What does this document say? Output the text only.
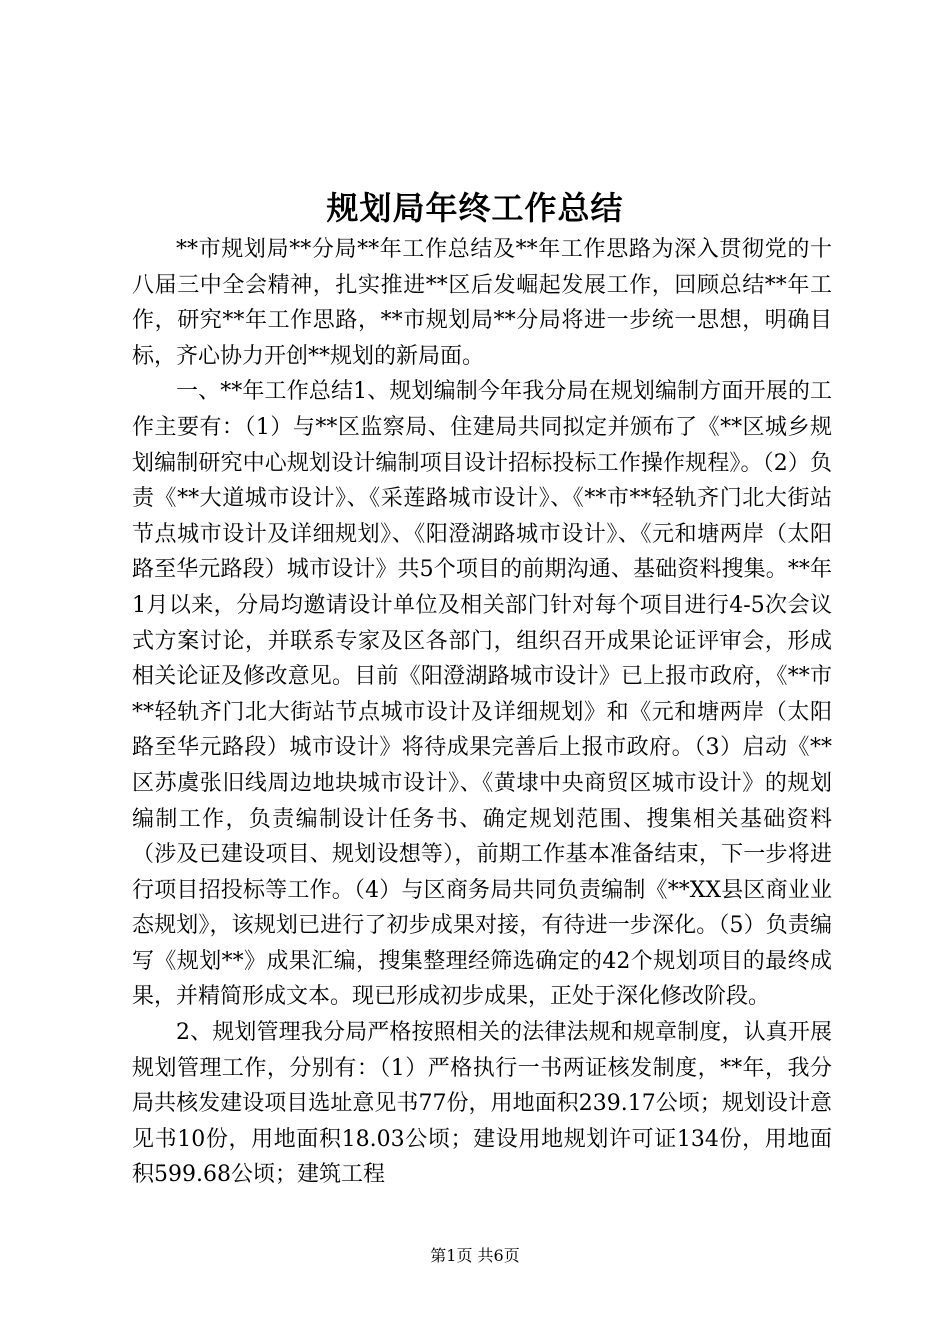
规划局年终工作总结

**市规划局**分局**年工作总结及**年工作思路为深入贯彻党的十八届三中全会精神，扎实推进**区后发崛起发展工作，回顾总结**年工作，研究**年工作思路，**市规划局**分局将进一步统一思想，明确目标，齐心协力开创**规划的新局面。

一、**年工作总结1、规划编制今年我分局在规划编制方面开展的工作主要有：（1）与**区监察局、住建局共同拟定并颁布了《**区城乡规划编制研究中心规划设计编制项目设计招标投标工作操作规程》。（2）负责《**大道城市设计》、《采莲路城市设计》、《**市**轻轨齐门北大街站节点城市设计及详细规划》、《阳澄湖路城市设计》、《元和塘两岸（太阳路至华元路段）城市设计》共5个项目的前期沟通、基础资料搜集。**年1月以来，分局均邀请设计单位及相关部门针对每个项目进行4-5次会议式方案讨论，并联系专家及区各部门，组织召开成果论证评审会，形成相关论证及修改意见。目前《阳澄湖路城市设计》已上报市政府，《**市**轻轨齐门北大街站节点城市设计及详细规划》和《元和塘两岸（太阳路至华元路段）城市设计》将待成果完善后上报市政府。（3）启动《**区苏虞张旧线周边地块城市设计》、《黄埭中央商贸区城市设计》的规划编制工作，负责编制设计任务书、确定规划范围、搜集相关基础资料（涉及已建设项目、规划设想等），前期工作基本准备结束，下一步将进行项目招投标等工作。（4）与区商务局共同负责编制《**XX县区商业业态规划》，该规划已进行了初步成果对接，有待进一步深化。（5）负责编写《规划**》成果汇编，搜集整理经筛选确定的42个规划项目的最终成果，并精简形成文本。现已形成初步成果，正处于深化修改阶段。

2、规划管理我分局严格按照相关的法律法规和规章制度，认真开展规划管理工作，分别有：（1）严格执行一书两证核发制度，**年，我分局共核发建设项目选址意见书77份，用地面积239.17公顷；规划设计意见书10份，用地面积18.03公顷；建设用地规划许可证134份，用地面积599.68公顷；建筑工程

第1页 共6页
